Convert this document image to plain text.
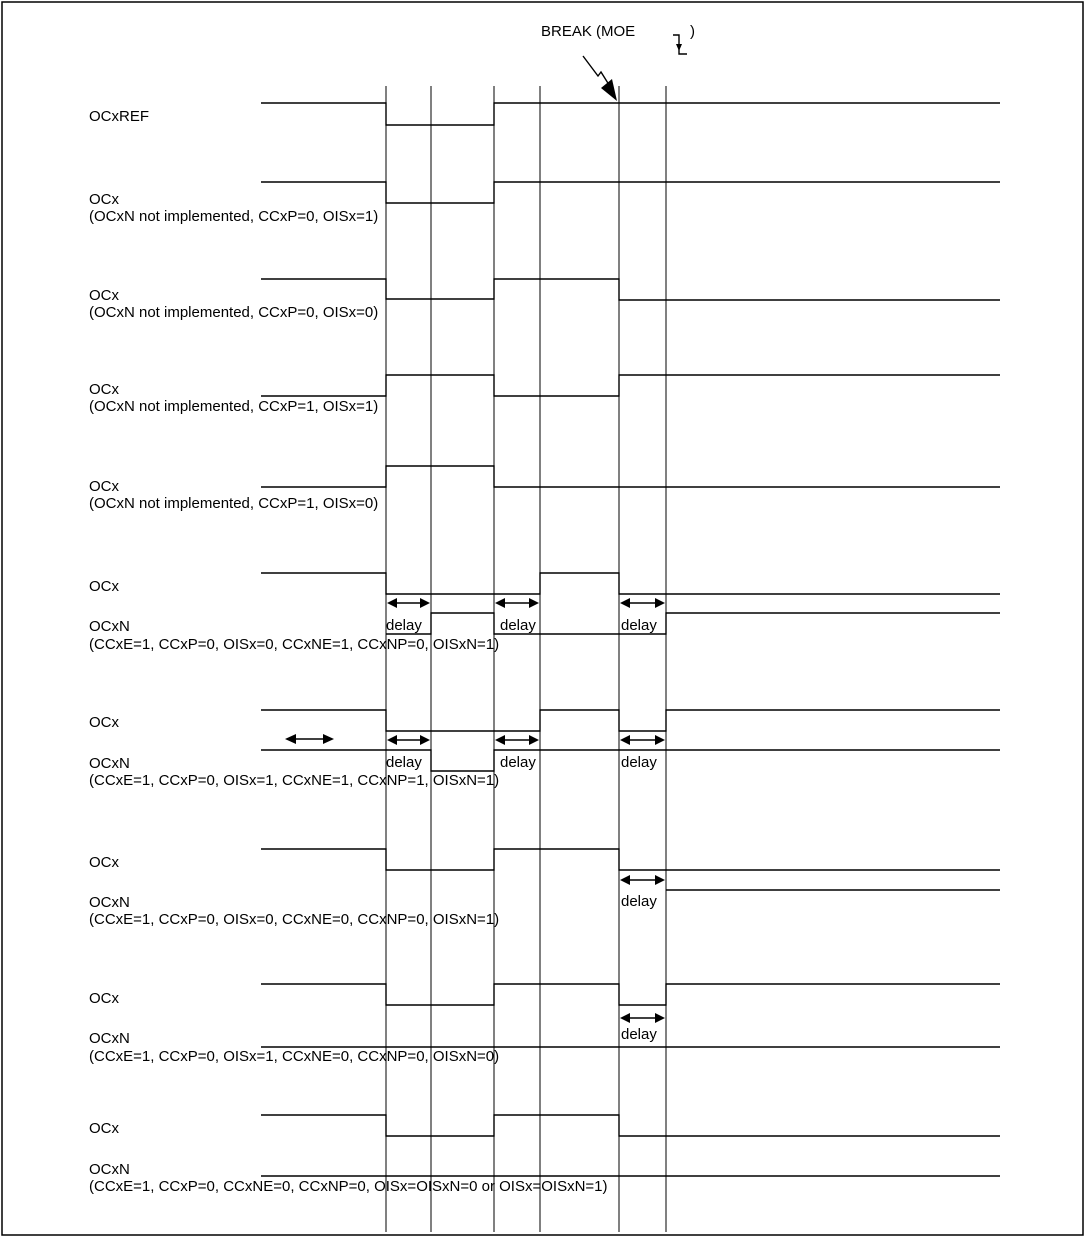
BREAK (MOE	)
OCxREF
OCx
(OCxN not implemented, CCxP=0, OISx=1)
OCx
(OCxN not implemented, CCxP=0, OISx=0)
OCx
(OCxN not implemented, CCxP=1, OISx=1)
OCx
(OCxN not implemented, CCxP=1, OISx=0)
OCx
OCxN
(CCxE=1, CCxP=0, OISx=0, CCxNE=1, CCxNP=0, OISxN=1)
OCx
OCxN
(CCxE=1, CCxP=0, OISx=1, CCxNE=1, CCxNP=1, OISxN=1)
OCx
OCxN
(CCxE=1, CCxP=0, OISx=0, CCxNE=0, CCxNP=0, OISxN=1)
OCx
OCxN
(CCxE=1, CCxP=0, OISx=1, CCxNE=0, CCxNP=0, OISxN=0)
OCx
OCxN
(CCxE=1, CCxP=0, CCxNE=0, CCxNP=0, OISx=OISxN=0 or OISx=OISxN=1)
delay	delay	delay
delay	delay	delay
delay
delay
